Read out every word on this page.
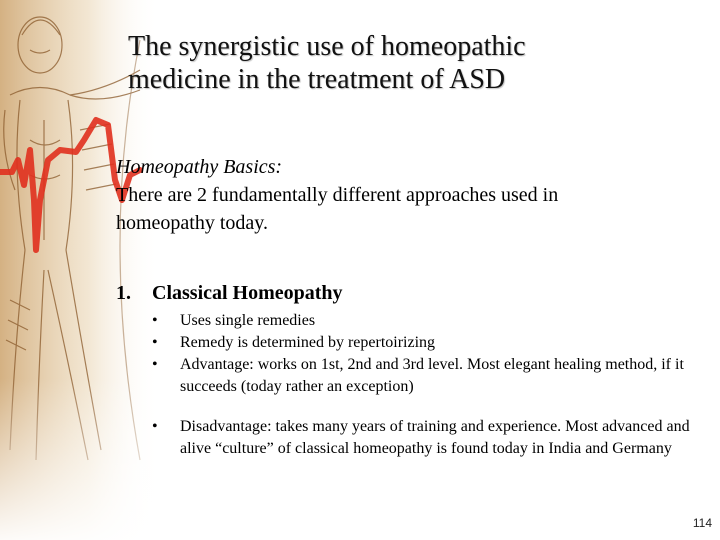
The synergistic use of homeopathic
medicine in the treatment of ASD
Homeopathy Basics:
There are 2 fundamentally different approaches used in
homeopathy today.
1. Classical Homeopathy
•	Uses single remedies
•	Remedy is determined by repertoirizing
•	Advantage: works on 1st, 2nd and 3rd level. Most elegant healing method, if it succeeds (today rather an exception)
•	Disadvantage: takes many years of training and experience. Most advanced and alive “culture” of classical homeopathy is found today in India and Germany
114
